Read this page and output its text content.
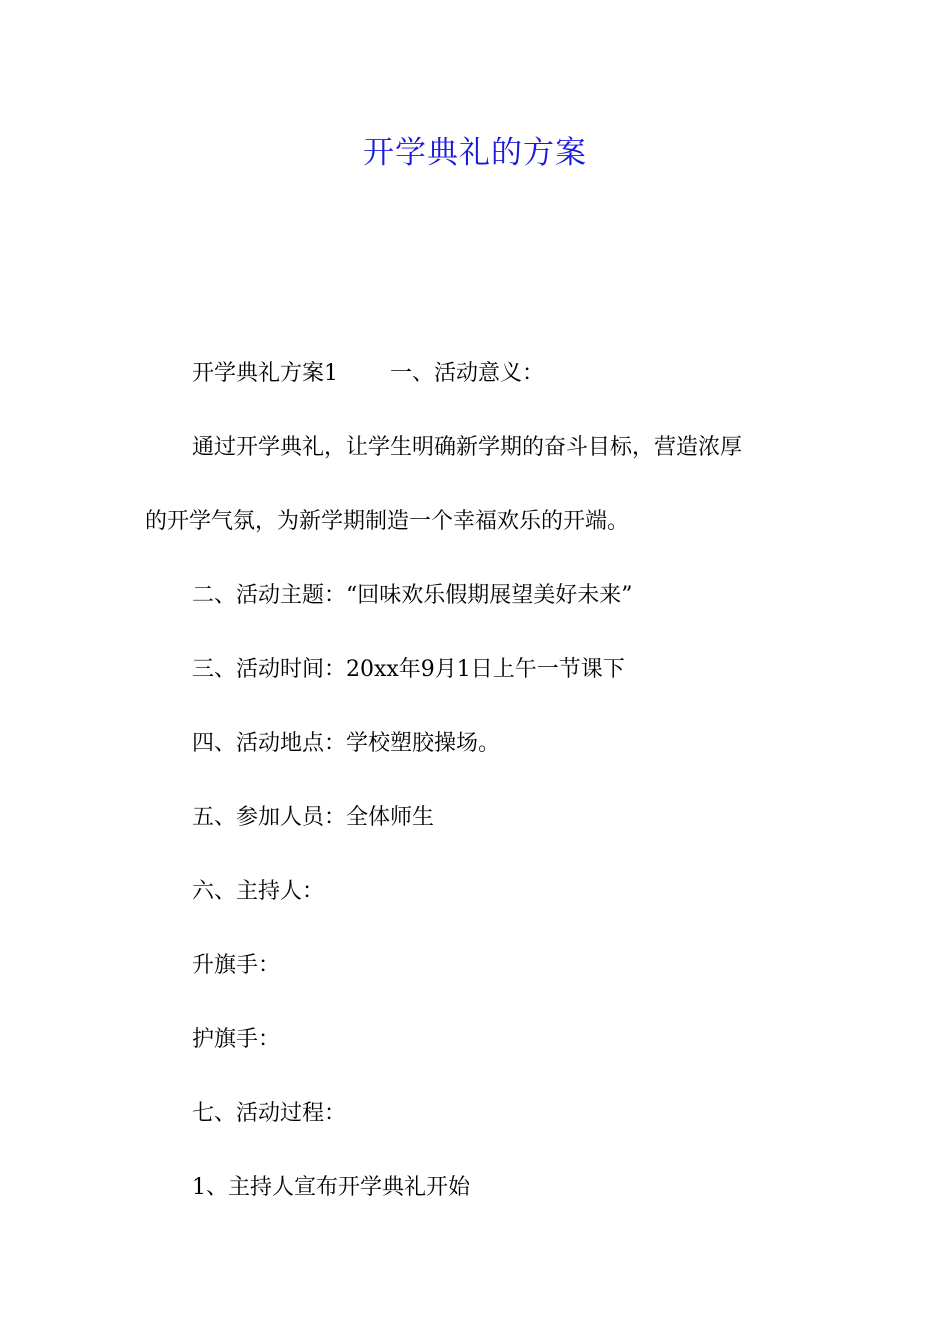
开学典礼的方案

开学典礼方案1 一、活动意义：

通过开学典礼，让学生明确新学期的奋斗目标，营造浓厚

的开学气氛，为新学期制造一个幸福欢乐的开端。

二、活动主题：“回味欢乐假期展望美好未来”

三、活动时间：20xx年9月1日上午一节课下

四、活动地点：学校塑胶操场。

五、参加人员：全体师生

六、主持人：

升旗手：

护旗手：

七、活动过程：

1、主持人宣布开学典礼开始
